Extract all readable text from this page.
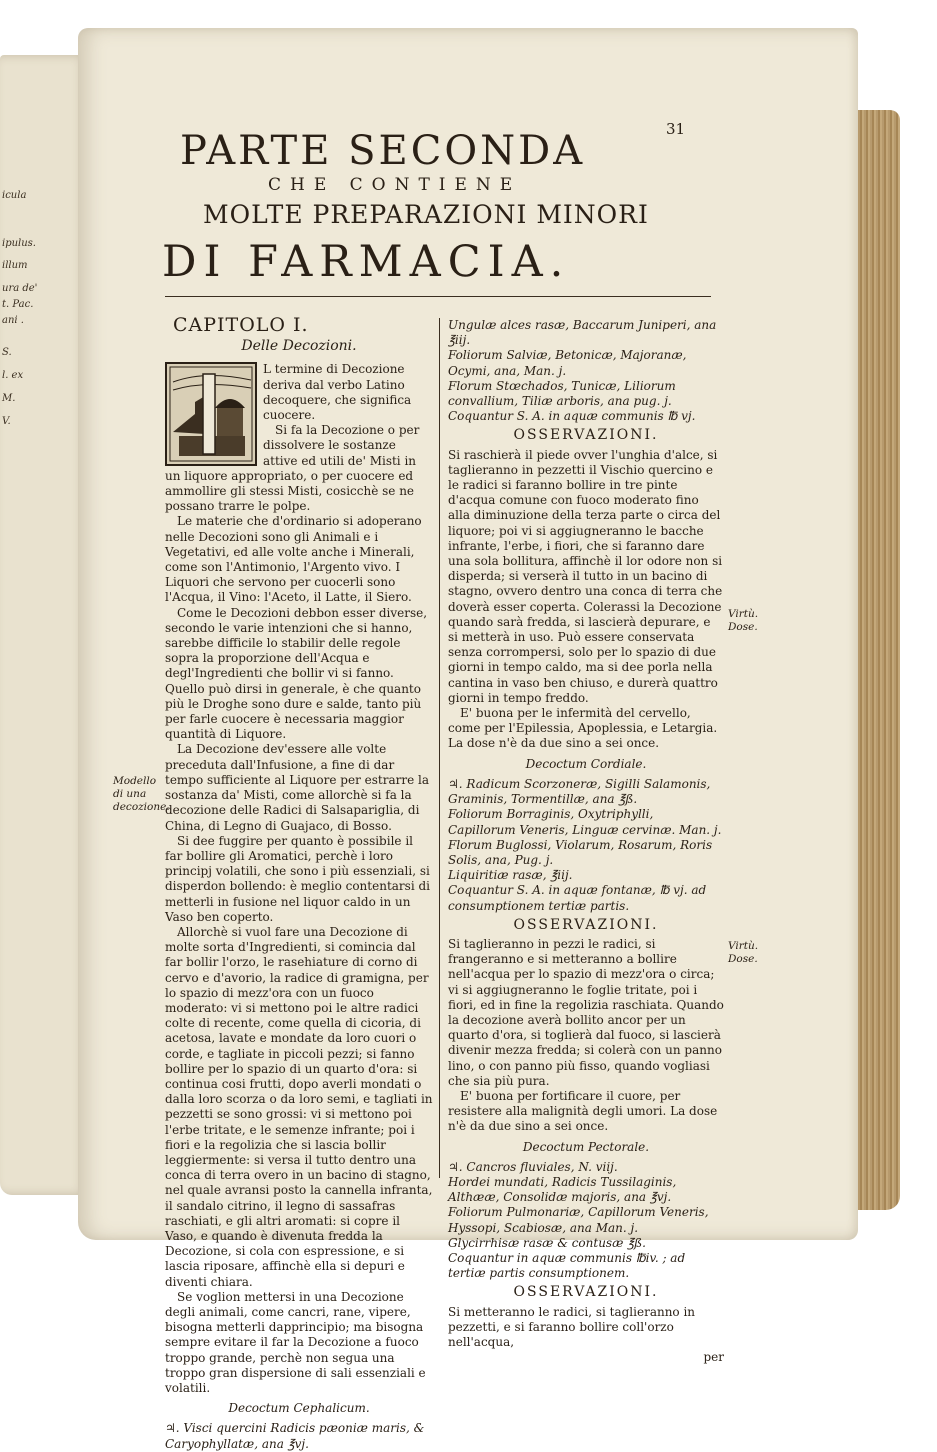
icula
ipulus.
illum
ura de'
t. Pac.
ani .
S.
l. ex
M.
V.
31
PARTE SECONDA
CHE CONTIENE
MOLTE PREPARAZIONI MINORI
DI FARMACIA.
Modello di una decozione.
Virtù. Dose.
Virtù. Dose.
CAPITOLO I.
Delle Decozioni.

L termine di Decozione deriva dal verbo Latino decoquere, che significa cuocere.

Si fa la Decozione o per dissolvere le sostanze attive ed utili de' Misti in un liquore appropriato, o per cuocere ed ammollire gli stessi Misti, cosicchè se ne possano trarre le polpe.

Le materie che d'ordinario si adoperano nelle Decozioni sono gli Animali e i Vegetativi, ed alle volte anche i Minerali, come son l'Antimonio, l'Argento vivo. I Liquori che servono per cuocerli sono l'Acqua, il Vino: l'Aceto, il Latte, il Siero.

Come le Decozioni debbon esser diverse, secondo le varie intenzioni che si hanno, sarebbe difficile lo stabilir delle regole sopra la proporzione dell'Acqua e degl'Ingredienti che bollir vi si fanno. Quello può dirsi in generale, è che quanto più le Droghe sono dure e salde, tanto più per farle cuocere è necessaria maggior quantità di Liquore.

La Decozione dev'essere alle volte preceduta dall'Infusione, a fine di dar tempo sufficiente al Liquore per estrarre la sostanza da' Misti, come allorchè si fa la decozione delle Radici di Salsapariglia, di China, di Legno di Guajaco, di Bosso.

Si dee fuggire per quanto è possibile il far bollire gli Aromatici, perchè i loro principj volatili, che sono i più essenziali, si disperdon bollendo: è meglio contentarsi di metterli in fusione nel liquor caldo in un Vaso ben coperto.

Allorchè si vuol fare una Decozione di molte sorta d'Ingredienti, si comincia dal far bollir l'orzo, le rasehiature di corno di cervo e d'avorio, la radice di gramigna, per lo spazio di mezz'ora con un fuoco moderato: vi si mettono poi le altre radici colte di recente, come quella di cicoria, di acetosa, lavate e mondate da loro cuori o corde, e tagliate in piccoli pezzi; si fanno bollire per lo spazio di un quarto d'ora: si continua cosi frutti, dopo averli mondati o dalla loro scorza o da loro semi, e tagliati in pezzetti se sono grossi: vi si mettono poi l'erbe tritate, e le semenze infrante; poi i fiori e la regolizia che si lascia bollir leggiermente: si versa il tutto dentro una conca di terra overo in un bacino di stagno, nel quale avransi posto la cannella infranta, il sandalo citrino, il legno di sassafras raschiati, e gli altri aromati: si copre il Vaso, e quando è divenuta fredda la Decozione, si cola con espressione, e si lascia riposare, affinchè ella si depuri e diventi chiara.

Se voglion mettersi in una Decozione degli animali, come cancri, rane, vipere, bisogna metterli dapprincipio; ma bisogna sempre evitare il far la Decozione a fuoco troppo grande, perchè non segua una troppo gran dispersione di sali essenziali e volatili.

Decoctum Cephalicum.

♃. Visci quercini Radicis pæoniæ maris, & Caryophyllatæ, ana ℥vj.

Ungulæ alces rasæ, Baccarum Juniperi, ana ℥iij.

Foliorum Salviæ, Betonicæ, Majoranæ, Ocymi, ana, Man. j.

Florum Stœchados, Tunicæ, Liliorum convallium, Tiliæ arboris, ana pug. j.

Coquantur S. A. in aquæ communis ℔ vj.

OSSERVAZIONI.

Si raschierà il piede ovver l'unghia d'alce, si taglieranno in pezzetti il Vischio quercino e le radici si faranno bollire in tre pinte d'acqua comune con fuoco moderato fino alla diminuzione della terza parte o circa del liquore; poi vi si aggiugneranno le bacche infrante, l'erbe, i fiori, che si faranno dare una sola bollitura, affinchè il lor odore non si disperda; si verserà il tutto in un bacino di stagno, ovvero dentro una conca di terra che doverà esser coperta. Colerassi la Decozione quando sarà fredda, si lascierà depurare, e si metterà in uso. Può essere conservata senza corrompersi, solo per lo spazio di due giorni in tempo caldo, ma si dee porla nella cantina in vaso ben chiuso, e durerà quattro giorni in tempo freddo.

E' buona per le infermità del cervello, come per l'Epilessia, Apoplessia, e Letargia. La dose n'è da due sino a sei once.

Decoctum Cordiale.

♃. Radicum Scorzoneræ, Sigilli Salamonis, Graminis, Tormentillæ, ana ℥ß.

Foliorum Borraginis, Oxytriphylli, Capillorum Veneris, Linguæ cervinæ. Man. j.

Florum Buglossi, Violarum, Rosarum, Roris Solis, ana, Pug. j.

Liquiritiæ rasæ, ℥iij.

Coquantur S. A. in aquæ fontanæ, ℔ vj. ad consumptionem tertiæ partis.

OSSERVAZIONI.

Si taglieranno in pezzi le radici, si frangeranno e si metteranno a bollire nell'acqua per lo spazio di mezz'ora o circa; vi si aggiugneranno le foglie tritate, poi i fiori, ed in fine la regolizia raschiata. Quando la decozione averà bollito ancor per un quarto d'ora, si toglierà dal fuoco, si lascierà divenir mezza fredda; si colerà con un panno lino, o con panno più fisso, quando vogliasi che sia più pura.

E' buona per fortificare il cuore, per resistere alla malignità degli umori. La dose n'è da due sino a sei once.

Decoctum Pectorale.

♃. Cancros fluviales, N. viij.

Hordei mundati, Radicis Tussilaginis, Althææ, Consolidæ majoris, ana ℥vj.

Foliorum Pulmonariæ, Capillorum Veneris, Hyssopi, Scabiosæ, ana Man. j.

Glycirrhisæ rasæ & contusæ ℥ß.

Coquantur in aquæ communis ℔iv. ; ad tertiæ partis consumptionem.

OSSERVAZIONI.

Si metteranno le radici, si taglieranno in pezzetti, e si faranno bollire coll'orzo nell'acqua,

per
